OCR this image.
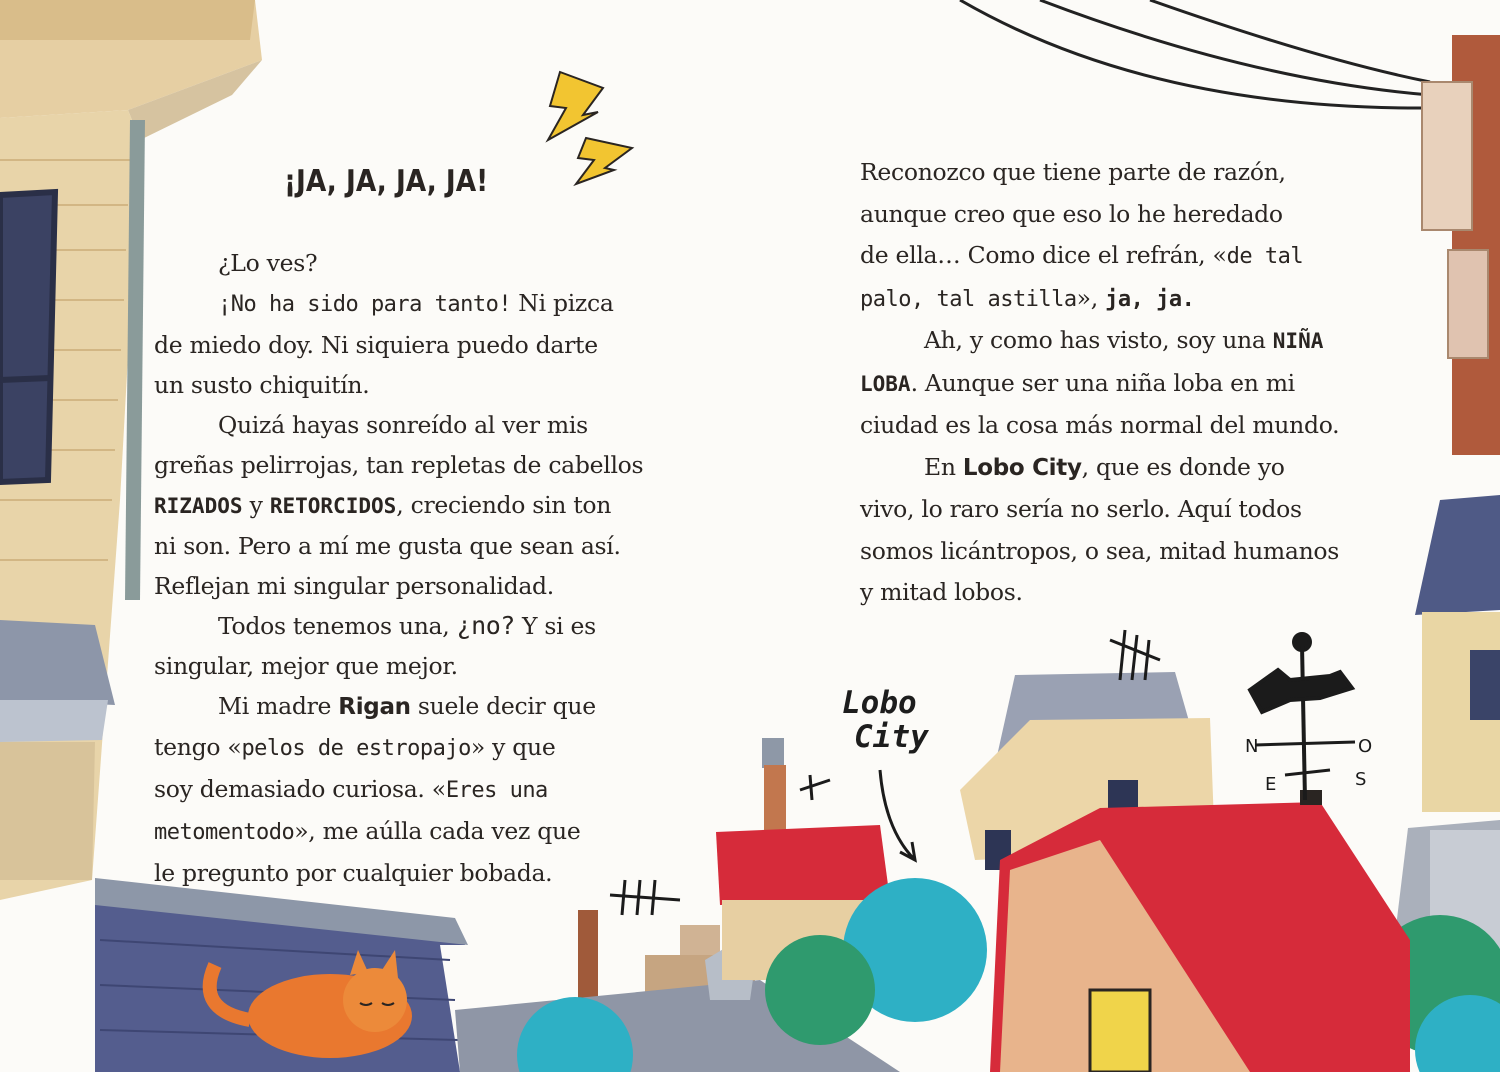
N	O
E	S
Lobo
City
¡JA, JA, JA, JA!

¿Lo ves?

¡No ha sido para tanto! Ni pizca

de miedo doy. Ni siquiera puedo darte

un susto chiquitín.

Quizá hayas sonreído al ver mis

greñas pelirrojas, tan repletas de cabellos

RIZADOS y RETORCIDOS, creciendo sin ton

ni son. Pero a mí me gusta que sean así.

Reflejan mi singular personalidad.

Todos tenemos una, ¿no? Y si es

singular, mejor que mejor.

Mi madre Rigan suele decir que

tengo «pelos de estropajo» y que

soy demasiado curiosa. «Eres una

metomentodo», me aúlla cada vez que

le pregunto por cualquier bobada.

Reconozco que tiene parte de razón,

aunque creo que eso lo he heredado

de ella… Como dice el refrán, «de tal

palo, tal astilla», ja, ja.

Ah, y como has visto, soy una NIÑA

LOBA. Aunque ser una niña loba en mi

ciudad es la cosa más normal del mundo.

En Lobo City, que es donde yo

vivo, lo raro sería no serlo. Aquí todos

somos licántropos, o sea, mitad humanos

y mitad lobos.
